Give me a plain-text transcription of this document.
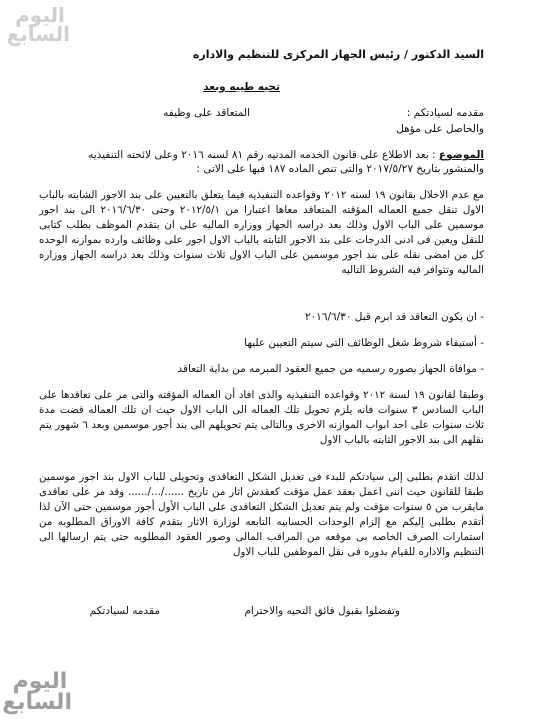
اليوم
السابع
السيد الدكتور / رئيس الجهاز المركزى للتنظيم والاداره
تحيه طيبه وبعد
مقدمه لسيادتكم :
المتعاقد على وظيفه
والحاصل على مؤهل
الموضوع : بعد الاطلاع على قانون الخدمه المدنيه رقم ٨١ لسنه ٢٠١٦ وعلى لائحته التنفيذيه
والمنشور بتاريخ ٢٠١٧/٥/٢٧ والتى تنص الماده ١٨٧ فيها على الاتى :
مع عدم الاخلال بقانون ١٩ لسنه ٢٠١٢ وقواعده التنفيذيه فيما يتعلق بالتعيين على بند الاجور الشابته بالباب الاول تنقل جميع العماله المؤقته المتعاقد معاها اعتبارا من ٢٠١٢/٥/١ وحتى ٢٠١٦/٦/٣٠ الى بند اجور موسمين على الباب الاول وذلك بعد دراسه الجهاز ووزاره الماليه على ان يتقدم الموظف بطلب كتابى للنقل ويعين فى ادنى الدرجات على بند الاجور الثابته بالباب الاول اجور على وظائف وارده بموازنه الوحده كل من امضى نقله على بند اجور موسمين على الباب الاول ثلاث سنوات وذلك بعد دراسه الجهاز ووزاره الماليه وتتوافر فيه الشروط التاليه
- ان يكون التعاقد قد ابرم قبل ٢٠١٦/٦/٣٠
- أستيفاء شروط شغل الوظائف التى سيتم التعيين عليها
- موافاة الجهاز بصوره رسميه من جميع العقود المبرمه من بداية التعاقد
وطبقا لقانون ١٩ لسنة ٢٠١٢ وقواعده التنفيذيه والذى افاد أن العماله المؤقته والتى مر على تعاقدها على الباب السادس ٣ سنوات فانه يلزم تحويل تلك العماله الى الباب الاول حيث ان تلك العماله قضت مدة ثلاث سنوات على احد ابواب الموازنه الاخرى وبالتالى يتم تحويلهم الى بند أجور موسمين وبعد ٦ شهور يتم نقلهم الى بند الاجور الثابته بالباب الاول
لذلك اتقدم بطلبى إلى سيادتكم للبدء فى تعديل الشكل التعاقدى وتحويلى للباب الاول بند اجور موسمين طبقا للقانون حيث اننى اعمل بعقد عمل مؤقت كعقدش اثار من تاريخ ....../.../...... وقد مر على تعاقدى مايقرب من ٥ سنوات مؤقت ولم يتم تعديل الشكل التعاقدى على الباب الأول أجور موسمين حتى الآن لذا أتقدم بطلبى إليكم مع إلزام الوحدات الحسابيه التابعه لوزارة الاثار بتقدم كافة الاوراق المطلوبه من استمارات الصرف الخاصه بى موقعه من المراقب المالى وصور العقود المطلوبه حتى يتم ارسالها الى التنظيم والاداره للقيام بدوره فى نقل الموظفين للباب الاول
وتفضلوا بقبول فائق التحيه والاحترام
مقدمه لسيادتكم
اليوم
السابع
